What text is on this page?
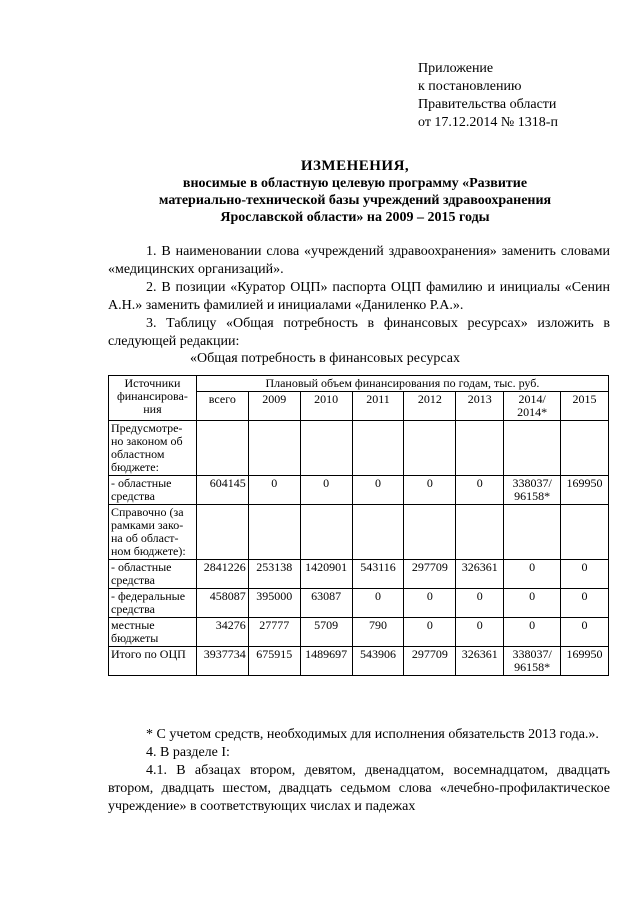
Приложение
к постановлению
Правительства области
от 17.12.2014 № 1318-п
ИЗМЕНЕНИЯ,
вносимые в областную целевую программу «Развитие
материально-технической базы учреждений здравоохранения
Ярославской области» на 2009 – 2015 годы
1. В наименовании слова «учреждений здравоохранения» заменить словами «медицинских организаций».
2. В позиции «Куратор ОЦП» паспорта ОЦП фамилию и инициалы «Сенин А.Н.» заменить фамилией и инициалами «Даниленко Р.А.».
3. Таблицу «Общая потребность в финансовых ресурсах» изложить в следующей редакции:
«Общая потребность в финансовых ресурсах
Источники финансирова-ния	Плановый объем финансирования по годам, тыс. руб.							
	всего	2009	2010	2011	2012	2013	2014/ 2014*	2015
Предусмотре-но законом об областном бюджете:								
- областные средства	604145	0	0	0	0	0	338037/ 96158*	169950
Справочно (за рамками зако-на об област-ном бюджете):								
- областные средства	2841226	253138	1420901	543116	297709	326361	0	0
- федеральные средства	458087	395000	63087	0	0	0	0	0
местные бюджеты	34276	27777	5709	790	0	0	0	0
Итого по ОЦП	3937734	675915	1489697	543906	297709	326361	338037/ 96158*	169950
* С учетом средств, необходимых для исполнения обязательств 2013 года.».
4. В разделе I:
4.1. В абзацах втором, девятом, двенадцатом, восемнадцатом, двадцать втором, двадцать шестом, двадцать седьмом слова «лечебно-профилактическое учреждение» в соответствующих числах и падежах
